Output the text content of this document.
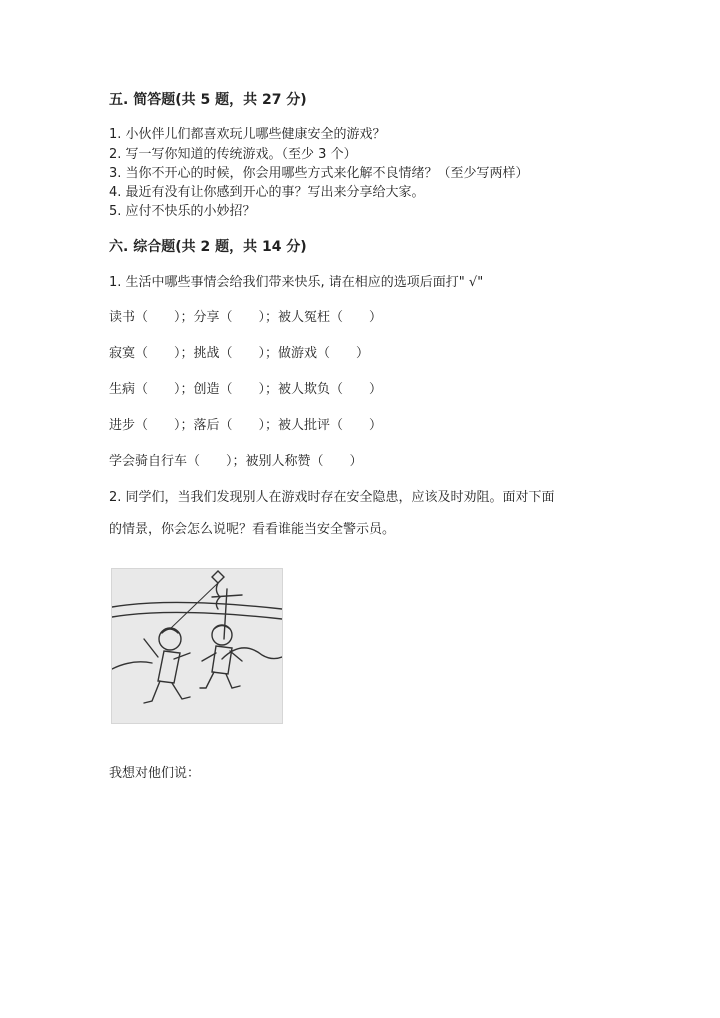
五. 简答题(共 5 题，共 27 分)
1. 小伙伴儿们都喜欢玩儿哪些健康安全的游戏？
2. 写一写你知道的传统游戏。（至少 3 个）
3. 当你不开心的时候，你会用哪些方式来化解不良情绪？（至少写两样）
4. 最近有没有让你感到开心的事？写出来分享给大家。
5. 应付不快乐的小妙招？
六. 综合题(共 2 题，共 14 分)
1. 生活中哪些事情会给我们带来快乐, 请在相应的选项后面打" √"
读书（　　）；分享（　　）；被人冤枉（　　）
寂寞（　　）；挑战（　　）；做游戏（　　）
生病（　　）；创造（　　）；被人欺负（　　）
进步（　　）；落后（　　）；被人批评（　　）
学会骑自行车（　　）；被别人称赞（　　）
2. 同学们，当我们发现别人在游戏时存在安全隐患，应该及时劝阻。面对下面
的情景，你会怎么说呢？看看谁能当安全警示员。
我想对他们说：
